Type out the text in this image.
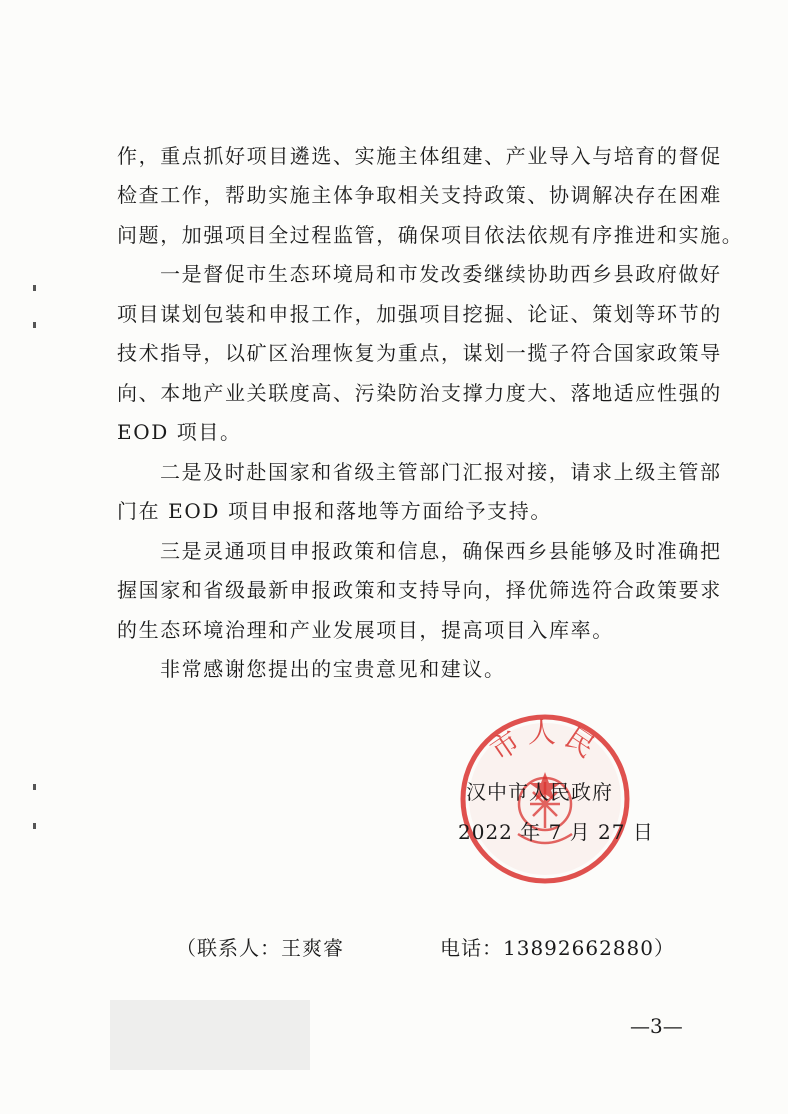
作，重点抓好项目遴选、实施主体组建、产业导入与培育的督促
检查工作，帮助实施主体争取相关支持政策、协调解决存在困难
问题，加强项目全过程监管，确保项目依法依规有序推进和实施。
一是督促市生态环境局和市发改委继续协助西乡县政府做好
项目谋划包装和申报工作，加强项目挖掘、论证、策划等环节的
技术指导，以矿区治理恢复为重点，谋划一揽子符合国家政策导
向、本地产业关联度高、污染防治支撑力度大、落地适应性强的
EOD 项目。
二是及时赴国家和省级主管部门汇报对接，请求上级主管部
门在 EOD 项目申报和落地等方面给予支持。
三是灵通项目申报政策和信息，确保西乡县能够及时准确把
握国家和省级最新申报政策和支持导向，择优筛选符合政策要求
的生态环境治理和产业发展项目，提高项目入库率。
非常感谢您提出的宝贵意见和建议。
市人民
汉中市人民政府
2022 年 7 月 27 日
（联系人：王爽睿	电话：13892662880）
—3—
